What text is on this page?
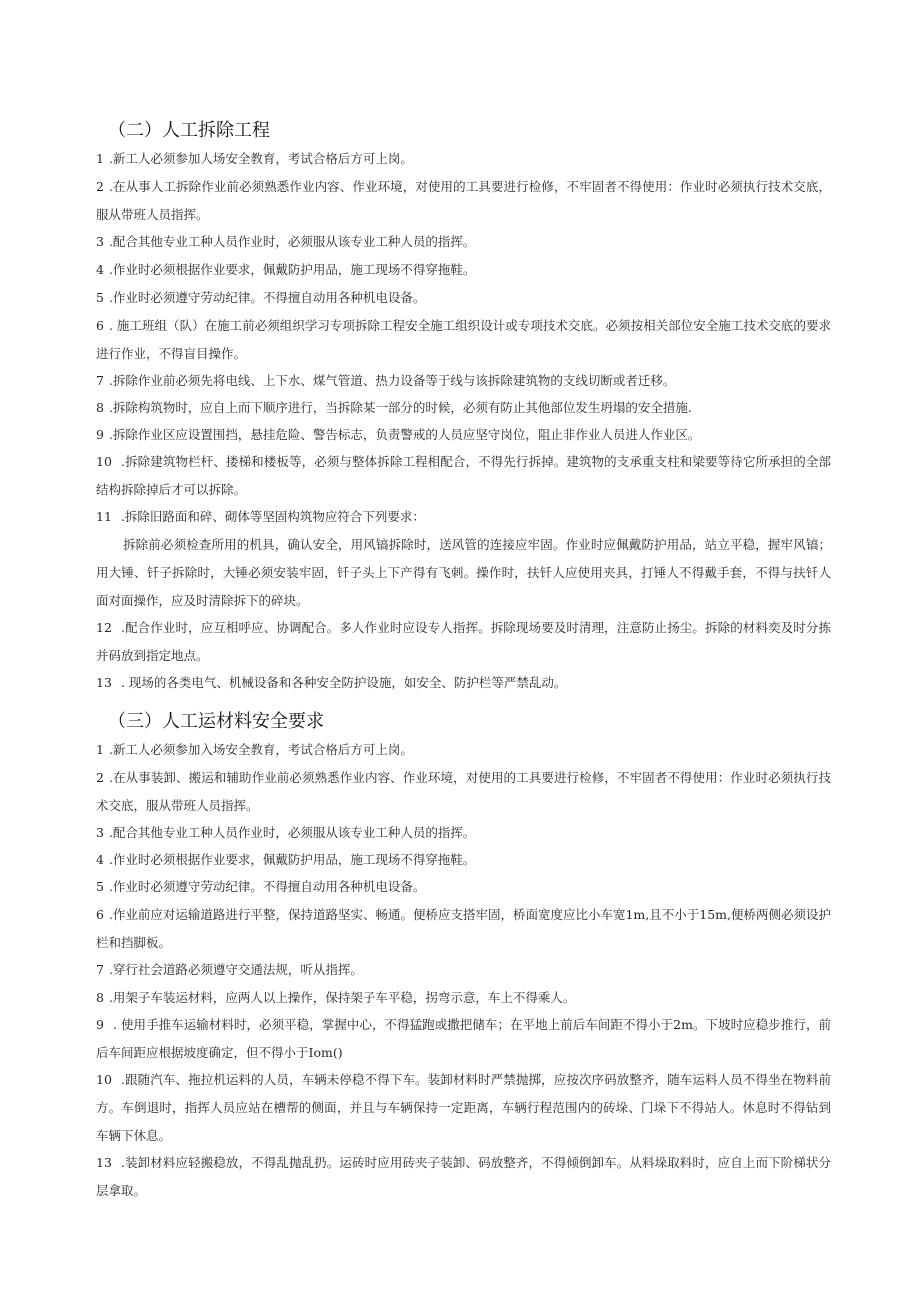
（二）人工拆除工程

1 .新工人必须参加人场安全教育，考试合格后方可上岗。

2 .在从事人工拆除作业前必须熟悉作业内容、作业环境，对使用的工具要进行检修，不牢固者不得使用：作业时必须执行技术交底，服从带班人员指挥。

3 .配合其他专业工种人员作业时，必须服从该专业工种人员的指挥。

4 .作业时必须根据作业要求，佩戴防护用品，施工现场不得穿拖鞋。

5 .作业时必须遵守劳动纪律。不得擅自动用各种机电设备。

6 . 施工班组（队）在施工前必须组织学习专项拆除工程安全施工组织设计或专项技术交底。必须按相关部位安全施工技术交底的要求进行作业，不得盲目操作。

7 .拆除作业前必须先将电线、上下水、煤气管道、热力设备等于线与该拆除建筑物的支线切断或者迁移。

8 .拆除构筑物时，应自上而下顺序进行，当拆除某一部分的时候，必须有防止其他部位发生坍塌的安全措施.

9 .拆除作业区应设置围挡，悬挂危险、警告标志，负责警戒的人员应坚守岗位，阻止非作业人员进人作业区。

10 .拆除建筑物栏杆、搂梯和楼板等，必须与整体拆除工程相配合，不得先行拆掉。建筑物的支承重支柱和梁要等待它所承担的全部结构拆除掉后才可以拆除。

11 .拆除旧路面和碎、砌体等坚固构筑物应符合下列要求：

拆除前必须检查所用的机具，确认安全，用风镐拆除时，送风管的连接应牢固。作业时应佩戴防护用品，站立平稳，握牢风镐；用大锤、钎子拆除时，大锤必须安装牢固，钎子头上下产得有飞刺。操作时，扶钎人应使用夹具，打锤人不得戴手套，不得与扶钎人面对面操作，应及时清除拆下的碎块。

12 .配合作业时，应互相呼应、协调配合。多人作业时应设专人指挥。拆除现场要及时清理，注意防止扬尘。拆除的材料奕及时分拣并码放到指定地点。

13 . 现场的各类电气、机械设备和各种安全防护设施，如安全、防护栏等严禁乱动。

（三）人工运材料安全要求

1 .新工人必须参加入场安全教育，考试合格后方可上岗。

2 .在从事装卸、搬运和辅助作业前必须熟悉作业内容、作业环境，对使用的工具要进行检修，不牢固者不得使用：作业时必须执行技术交底，服从带班人员指挥。

3 .配合其他专业工种人员作业时，必须服从该专业工种人员的指挥。

4 .作业时必须根据作业要求，佩戴防护用品，施工现场不得穿拖鞋。

5 .作业时必须遵守劳动纪律。不得擅自动用各种机电设备。

6 .作业前应对运输道路进行平整，保持道路坚实、畅通。便桥应支搭牢固，桥面宽度应比小车宽1m,且不小于15m,便桥两侧必须设护栏和挡脚板。

7 .穿行社会道路必须遵守交通法规，听从指挥。

8 .用架子车装运材料，应两人以上操作，保持架子车平稳，拐弯示意，车上不得乘人。

9 . 使用手推车运输材料时，必须平稳，掌握中心，不得猛跑或撒把储车；在平地上前后车间距不得小于2m。下坡时应稳步推行，前后车间距应根据坡度确定，但不得小于Iom()

10 .跟随汽车、拖拉机运料的人员，车辆未停稳不得下车。装卸材料时严禁抛掷，应按次序码放整齐，随车运料人员不得坐在物料前方。车倒退时，指挥人员应站在槽帮的侧面，并且与车辆保持一定距离，车辆行程范围内的砖垛、门垛下不得站人。休息时不得钻到车辆下休息。

13 .装卸材料应轻搬稳放，不得乱抛乱扔。运砖时应用砖夹子装卸、码放整齐，不得倾倒卸车。从料垛取料时，应自上而下阶梯状分层拿取。
